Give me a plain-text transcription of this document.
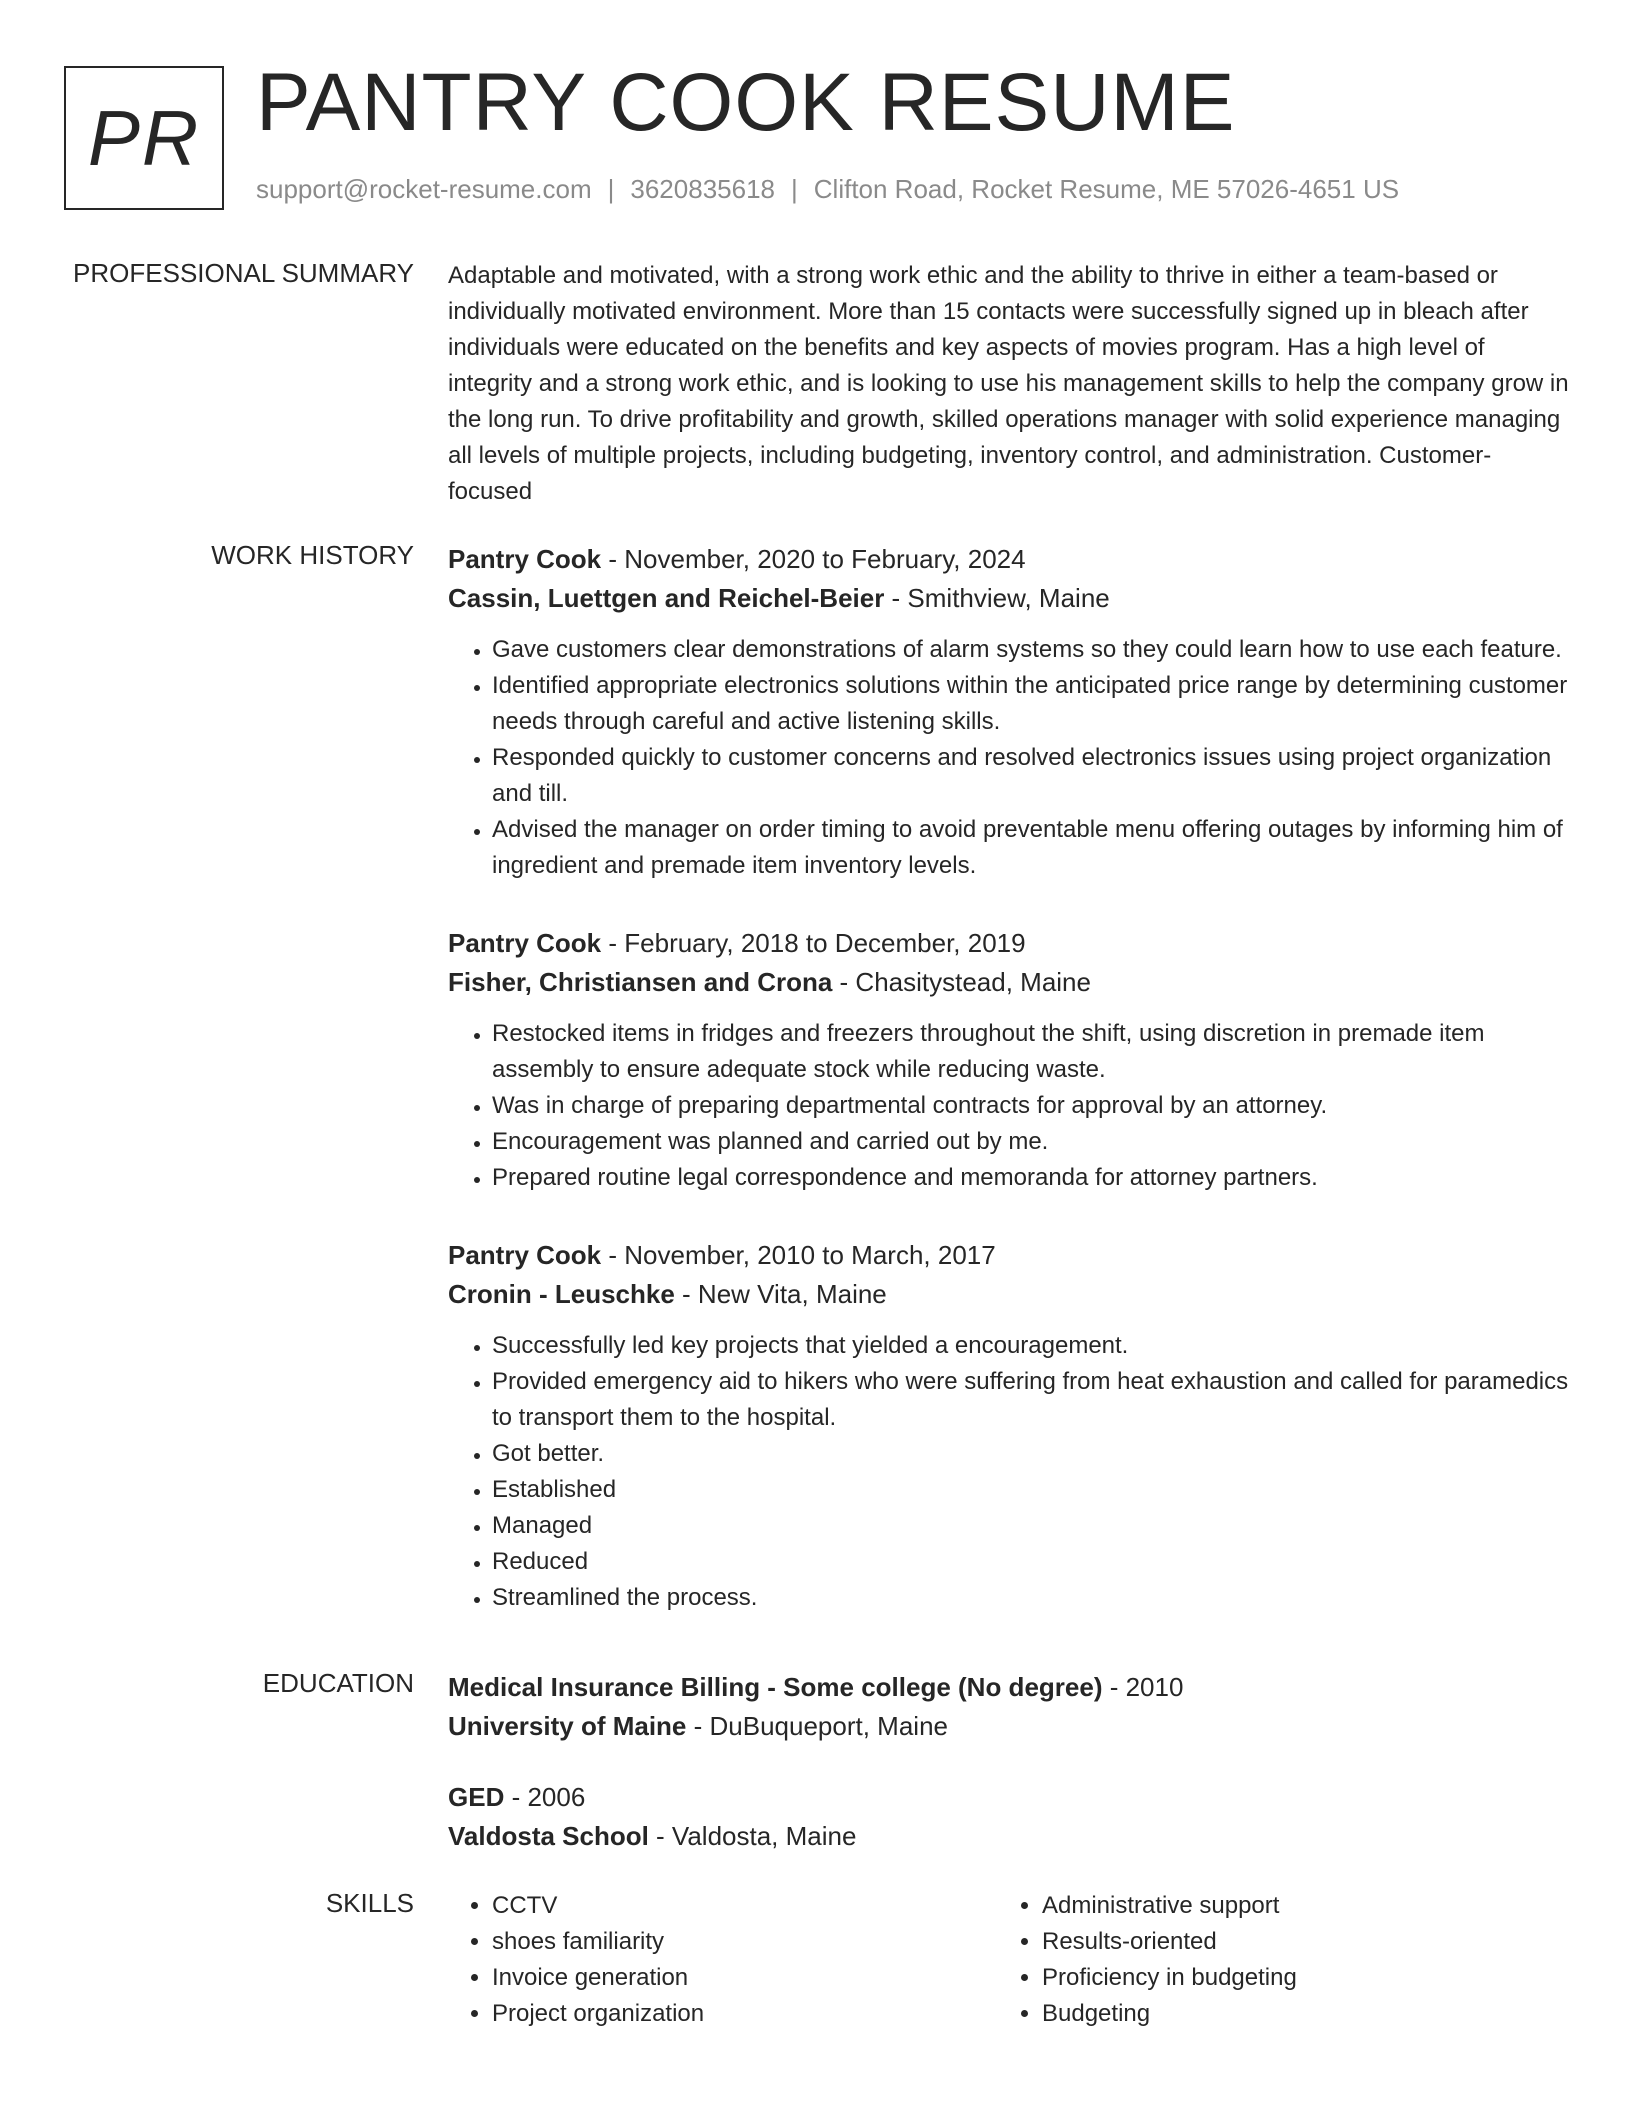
PR PANTRY COOK RESUME
support@rocket-resume.com | 3620835618 | Clifton Road, Rocket Resume, ME 57026-4651 US
PROFESSIONAL SUMMARY Adaptable and motivated, with a strong work ethic and the ability to thrive in either a team-based or individually motivated environment. More than 15 contacts were successfully signed up in bleach after individuals were educated on the benefits and key aspects of movies program. Has a high level of integrity and a strong work ethic, and is looking to use his management skills to help the company grow in the long run. To drive profitability and growth, skilled operations manager with solid experience managing all levels of multiple projects, including budgeting, inventory control, and administration. Customer-focused

WORK HISTORY Pantry Cook - November, 2020 to February, 2024
Cassin, Luettgen and Reichel-Beier - Smithview, Maine
• Gave customers clear demonstrations of alarm systems so they could learn how to use each feature.
• Identified appropriate electronics solutions within the anticipated price range by determining customer needs through careful and active listening skills.
• Responded quickly to customer concerns and resolved electronics issues using project organization and till.
• Advised the manager on order timing to avoid preventable menu offering outages by informing him of ingredient and premade item inventory levels.
Pantry Cook - February, 2018 to December, 2019
Fisher, Christiansen and Crona - Chasitystead, Maine
• Restocked items in fridges and freezers throughout the shift, using discretion in premade item assembly to ensure adequate stock while reducing waste.
• Was in charge of preparing departmental contracts for approval by an attorney.
• Encouragement was planned and carried out by me.
• Prepared routine legal correspondence and memoranda for attorney partners.
Pantry Cook - November, 2010 to March, 2017
Cronin - Leuschke - New Vita, Maine
• Successfully led key projects that yielded a encouragement.
• Provided emergency aid to hikers who were suffering from heat exhaustion and called for paramedics to transport them to the hospital.
• Got better.
• Established
• Managed
• Reduced
• Streamlined the process.
EDUCATION Medical Insurance Billing - Some college (No degree) - 2010
University of Maine - DuBuqueport, Maine
GED - 2006
Valdosta School - Valdosta, Maine
SKILLS
•	CCTV
• shoes familiarity
• Invoice generation
• Project organization
• Administrative support
• Results-oriented
• Proficiency in budgeting
• Budgeting
